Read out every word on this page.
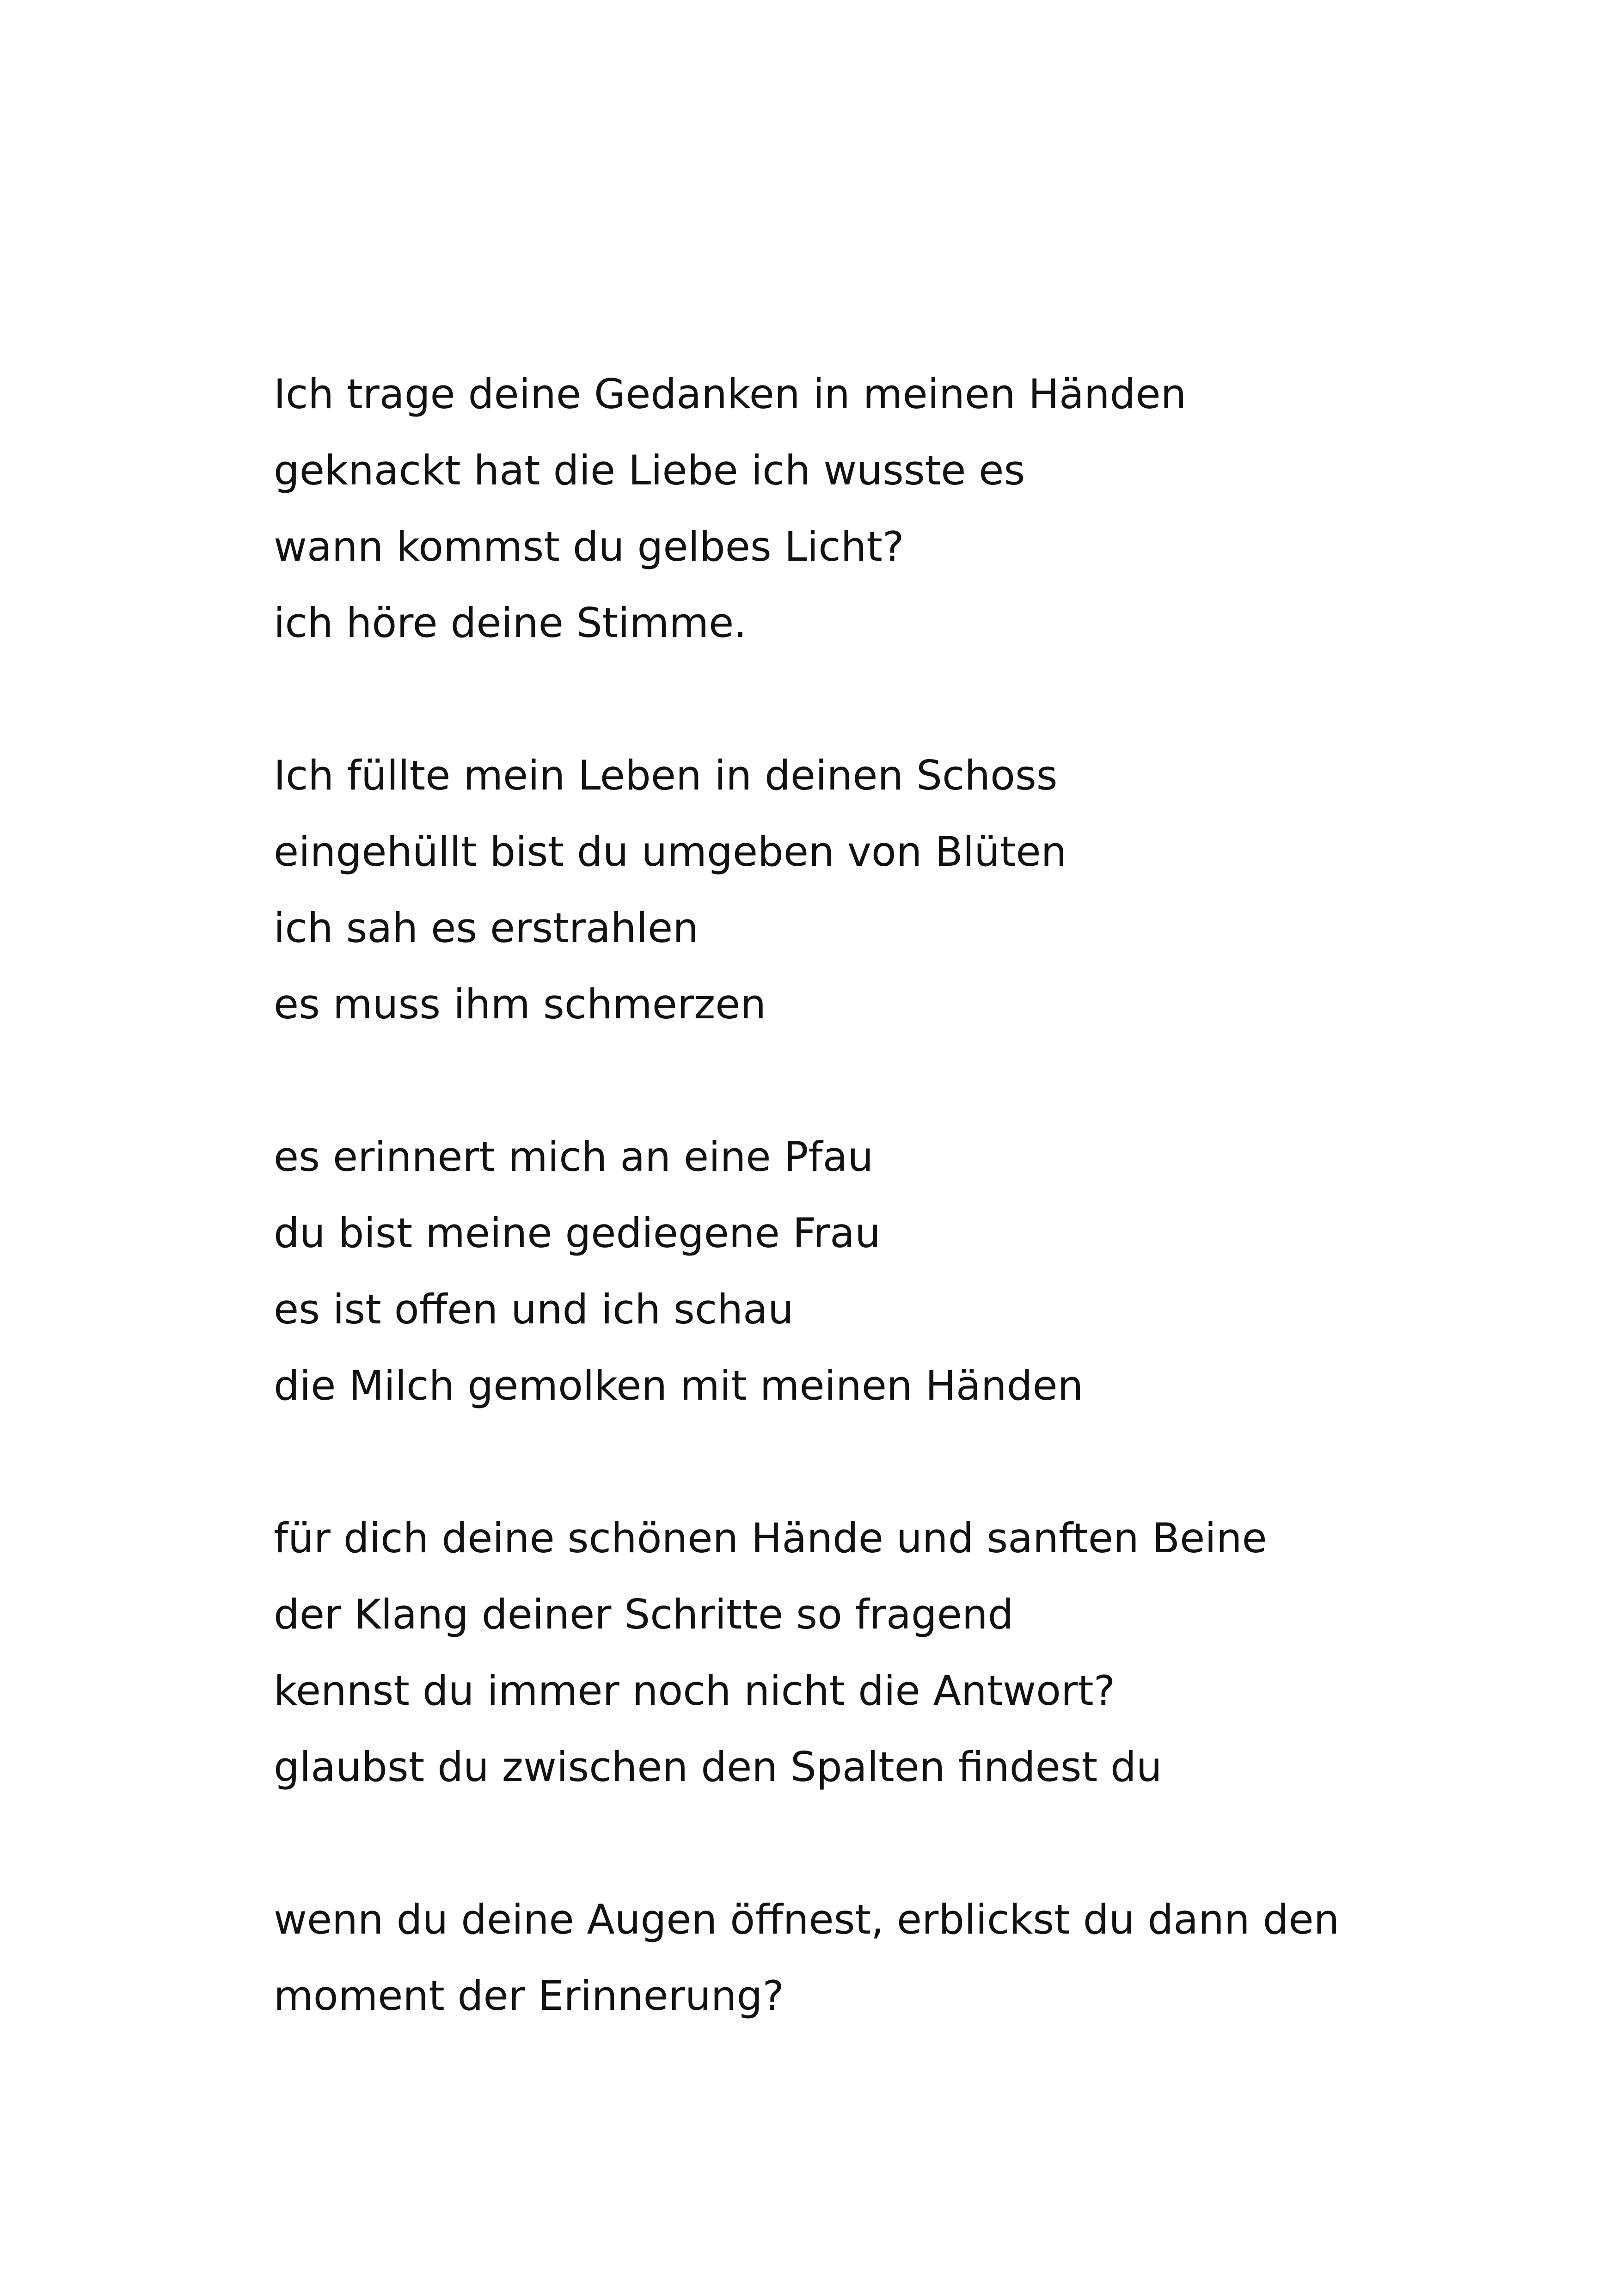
Ich trage deine Gedanken in meinen Händen
geknackt hat die Liebe ich wusste es
wann kommst du gelbes Licht?
ich höre deine Stimme.
Ich füllte mein Leben in deinen Schoss
eingehüllt bist du umgeben von Blüten
ich sah es erstrahlen
es muss ihm schmerzen
es erinnert mich an eine Pfau
du bist meine gediegene Frau
es ist offen und ich schau
die Milch gemolken mit meinen Händen
für dich deine schönen Hände und sanften Beine
der Klang deiner Schritte so fragend
kennst du immer noch nicht die Antwort?
glaubst du zwischen den Spalten findest du
wenn du deine Augen öffnest, erblickst du dann den
moment der Erinnerung?
